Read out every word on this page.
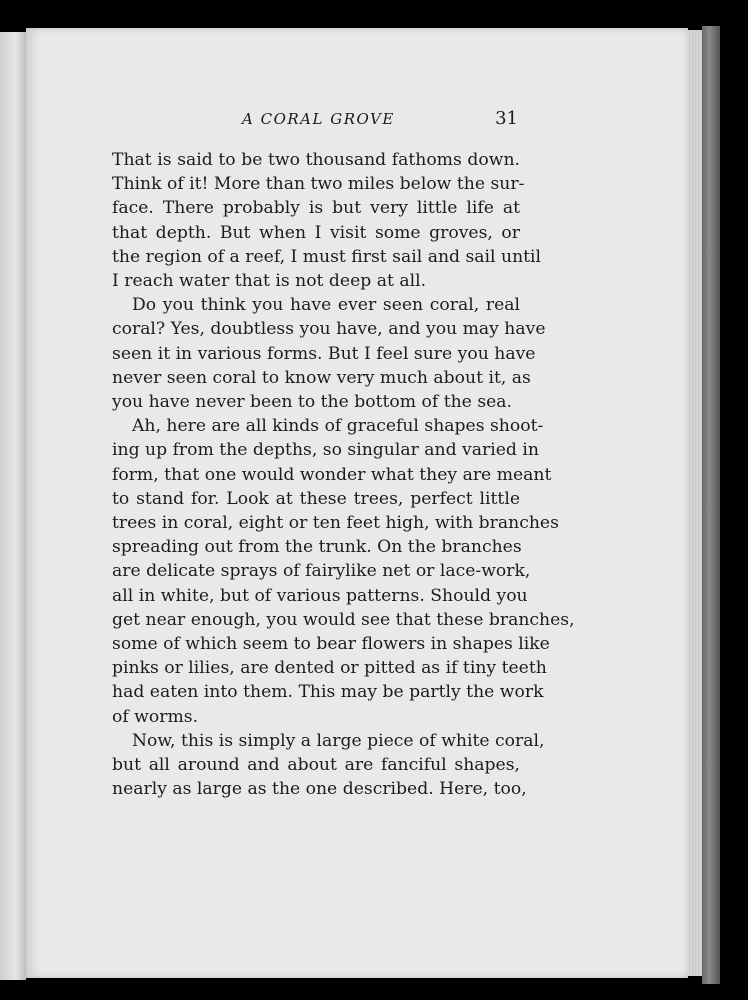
A CORAL GROVE	31
That is said to be two thousand fathoms down.
Think of it! More than two miles below the sur-
face. There probably is but very little life at
that depth. But when I visit some groves, or
the region of a reef, I must first sail and sail until
I reach water that is not deep at all.
Do you think you have ever seen coral, real
coral? Yes, doubtless you have, and you may have
seen it in various forms. But I feel sure you have
never seen coral to know very much about it, as
you have never been to the bottom of the sea.
Ah, here are all kinds of graceful shapes shoot-
ing up from the depths, so singular and varied in
form, that one would wonder what they are meant
to stand for. Look at these trees, perfect little
trees in coral, eight or ten feet high, with branches
spreading out from the trunk. On the branches
are delicate sprays of fairylike net or lace-work,
all in white, but of various patterns. Should you
get near enough, you would see that these branches,
some of which seem to bear flowers in shapes like
pinks or lilies, are dented or pitted as if tiny teeth
had eaten into them. This may be partly the work
of worms.
Now, this is simply a large piece of white coral,
but all around and about are fanciful shapes,
nearly as large as the one described. Here, too,
